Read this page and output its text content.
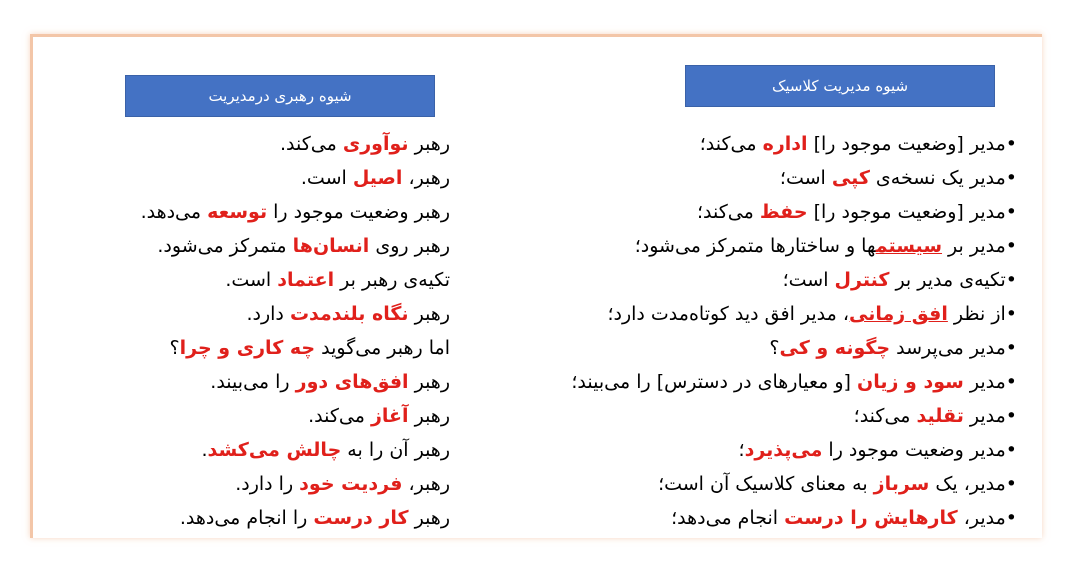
شیوه رهبری درمدیریت
شیوه مدیریت کلاسیک
رهبر نوآوری می‌کند.
رهبر، اصیل است.
رهبر وضعیت موجود را توسعه می‌دهد.
رهبر روی انسان‌ها متمرکز می‌شود.
تکیه‌ی رهبر بر اعتماد است.
رهبر نگاه بلندمدت دارد.
اما رهبر می‌گوید چه کاری و چرا؟
رهبر افق‌های دور را می‌بیند.
رهبر آغاز می‌کند.
رهبر آن را به چالش می‌کشد.
رهبر، فردیت خود را دارد.
رهبر کار درست را انجام می‌دهد.
•مدیر [وضعیت موجود را] اداره می‌کند؛
•مدیر یک نسخه‌ی کپی است؛
•مدیر [وضعیت موجود را] حفظ می‌کند؛
•مدیر بر سیستمها و ساختارها متمرکز می‌شود؛
•تکیه‌ی مدیر بر کنترل است؛
•از نظر افق زمانی، مدیر افق دید کوتاه‌مدت دارد؛
•مدیر می‌پرسد چگونه و کی؟
•مدیر سود و زیان [و معیارهای در دسترس] را می‌بیند؛
•مدیر تقلید می‌کند؛
•مدیر وضعیت موجود را می‌پذیرد؛
•مدیر، یک سرباز به معنای کلاسیک آن است؛
•مدیر، کارهایش را درست انجام می‌دهد؛
